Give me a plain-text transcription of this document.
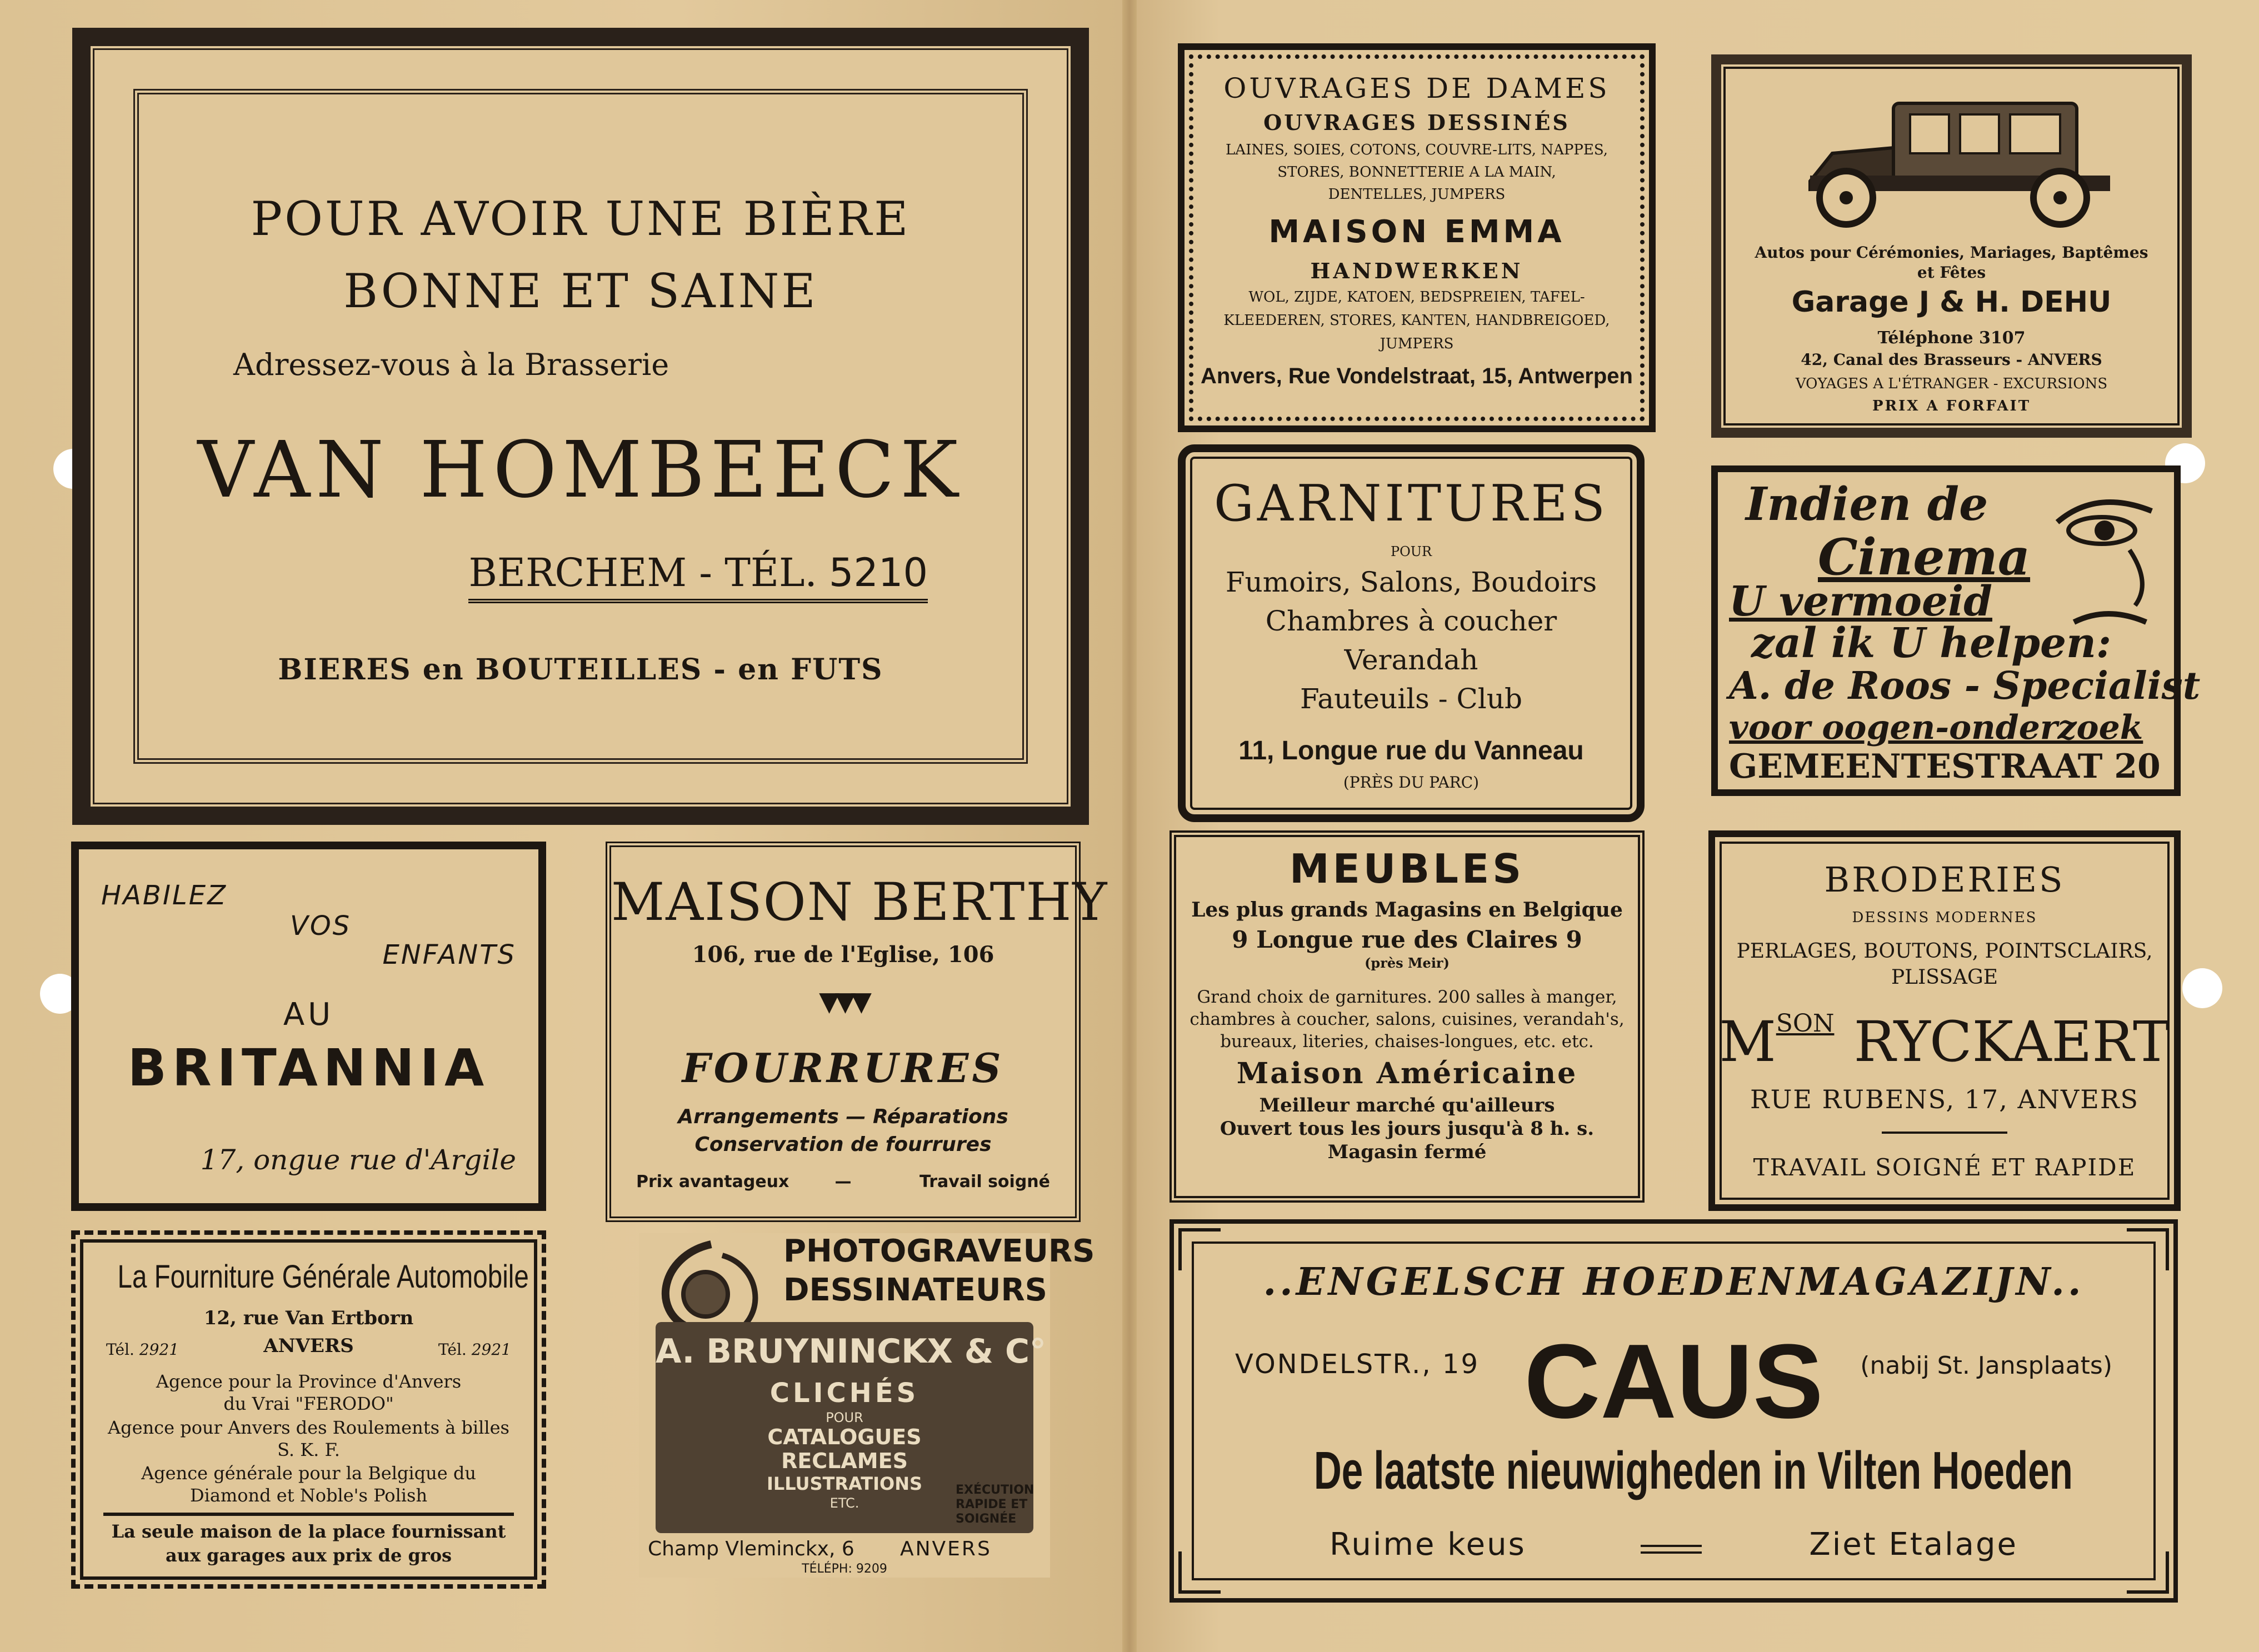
POUR AVOIR UNE BIÈRE
BONNE ET SAINE
Adressez-vous à la Brasserie
VAN HOMBEECK
BERCHEM - TÉL. 5210
BIERES en BOUTEILLES - en FUTS
HABILEZ
VOS
ENFANTS
AU
BRITANNIA
17, ongue rue d'Argile
MAISON BERTHY
106, rue de l'Eglise, 106
▼▼▼
FOURRURES
Arrangements — Réparations
Conservation de fourrures
Prix avantageux	—	Travail soigné
La Fourniture Générale Automobile
12, rue Van Ertborn
Tél. 2921	ANVERS	Tél. 2921
Agence pour la Province d'Anvers
du Vrai "FERODO"
Agence pour Anvers des Roulements à billes
S. K. F.
Agence générale pour la Belgique du
Diamond et Noble's Polish
La seule maison de la place fournissant
aux garages aux prix de gros
PHOTOGRAVEURS
DESSINATEURS
A. BRUYNINCKX & C°
CLICHÉS
POUR
CATALOGUES
RECLAMES
ILLUSTRATIONS
ETC.
EXÉCUTION
RAPIDE ET
SOIGNÉE
Champ Vleminckx, 6 ANVERS
TÉLÉPH: 9209
OUVRAGES DE DAMES
OUVRAGES DESSINÉS
LAINES, SOIES, COTONS, COUVRE-LITS, NAPPES,
STORES, BONNETTERIE A LA MAIN,
DENTELLES, JUMPERS
MAISON EMMA
HANDWERKEN
WOL, ZIJDE, KATOEN, BEDSPREIEN, TAFEL-
KLEEDEREN, STORES, KANTEN, HANDBREIGOED,
JUMPERS
Anvers, Rue Vondelstraat, 15, Antwerpen
Autos pour Cérémonies, Mariages, Baptêmes
et Fêtes
Garage J & H. DEHU
Téléphone 3107
42, Canal des Brasseurs - ANVERS
VOYAGES A L'ÉTRANGER - EXCURSIONS
PRIX A FORFAIT
GARNITURES
POUR
Fumoirs, Salons, Boudoirs
Chambres à coucher
Verandah
Fauteuils - Club
11, Longue rue du Vanneau
(PRÈS DU PARC)
Indien de
Cinema
U vermoeid
zal ik U helpen:
A. de Roos - Specialist
voor oogen-onderzoek
GEMEENTESTRAAT 20
MEUBLES
Les plus grands Magasins en Belgique
9 Longue rue des Claires 9
(près Meir)
Grand choix de garnitures. 200 salles à manger,
chambres à coucher, salons, cuisines, verandah's,
bureaux, literies, chaises-longues, etc. etc.
Maison Américaine
Meilleur marché qu'ailleurs
Ouvert tous les jours jusqu'à 8 h. s.
Magasin fermé
BRODERIES
DESSINS MODERNES
PERLAGES, BOUTONS, POINTSCLAIRS,
PLISSAGE
MSON RYCKAERT
RUE RUBENS, 17, ANVERS
TRAVAIL SOIGNÉ ET RAPIDE
..ENGELSCH HOEDENMAGAZIJN..
VONDELSTR., 19 CAUS	(nabij St. Jansplaats)
De laatste nieuwigheden in Vilten Hoeden
Ruime keus	Ziet Etalage
